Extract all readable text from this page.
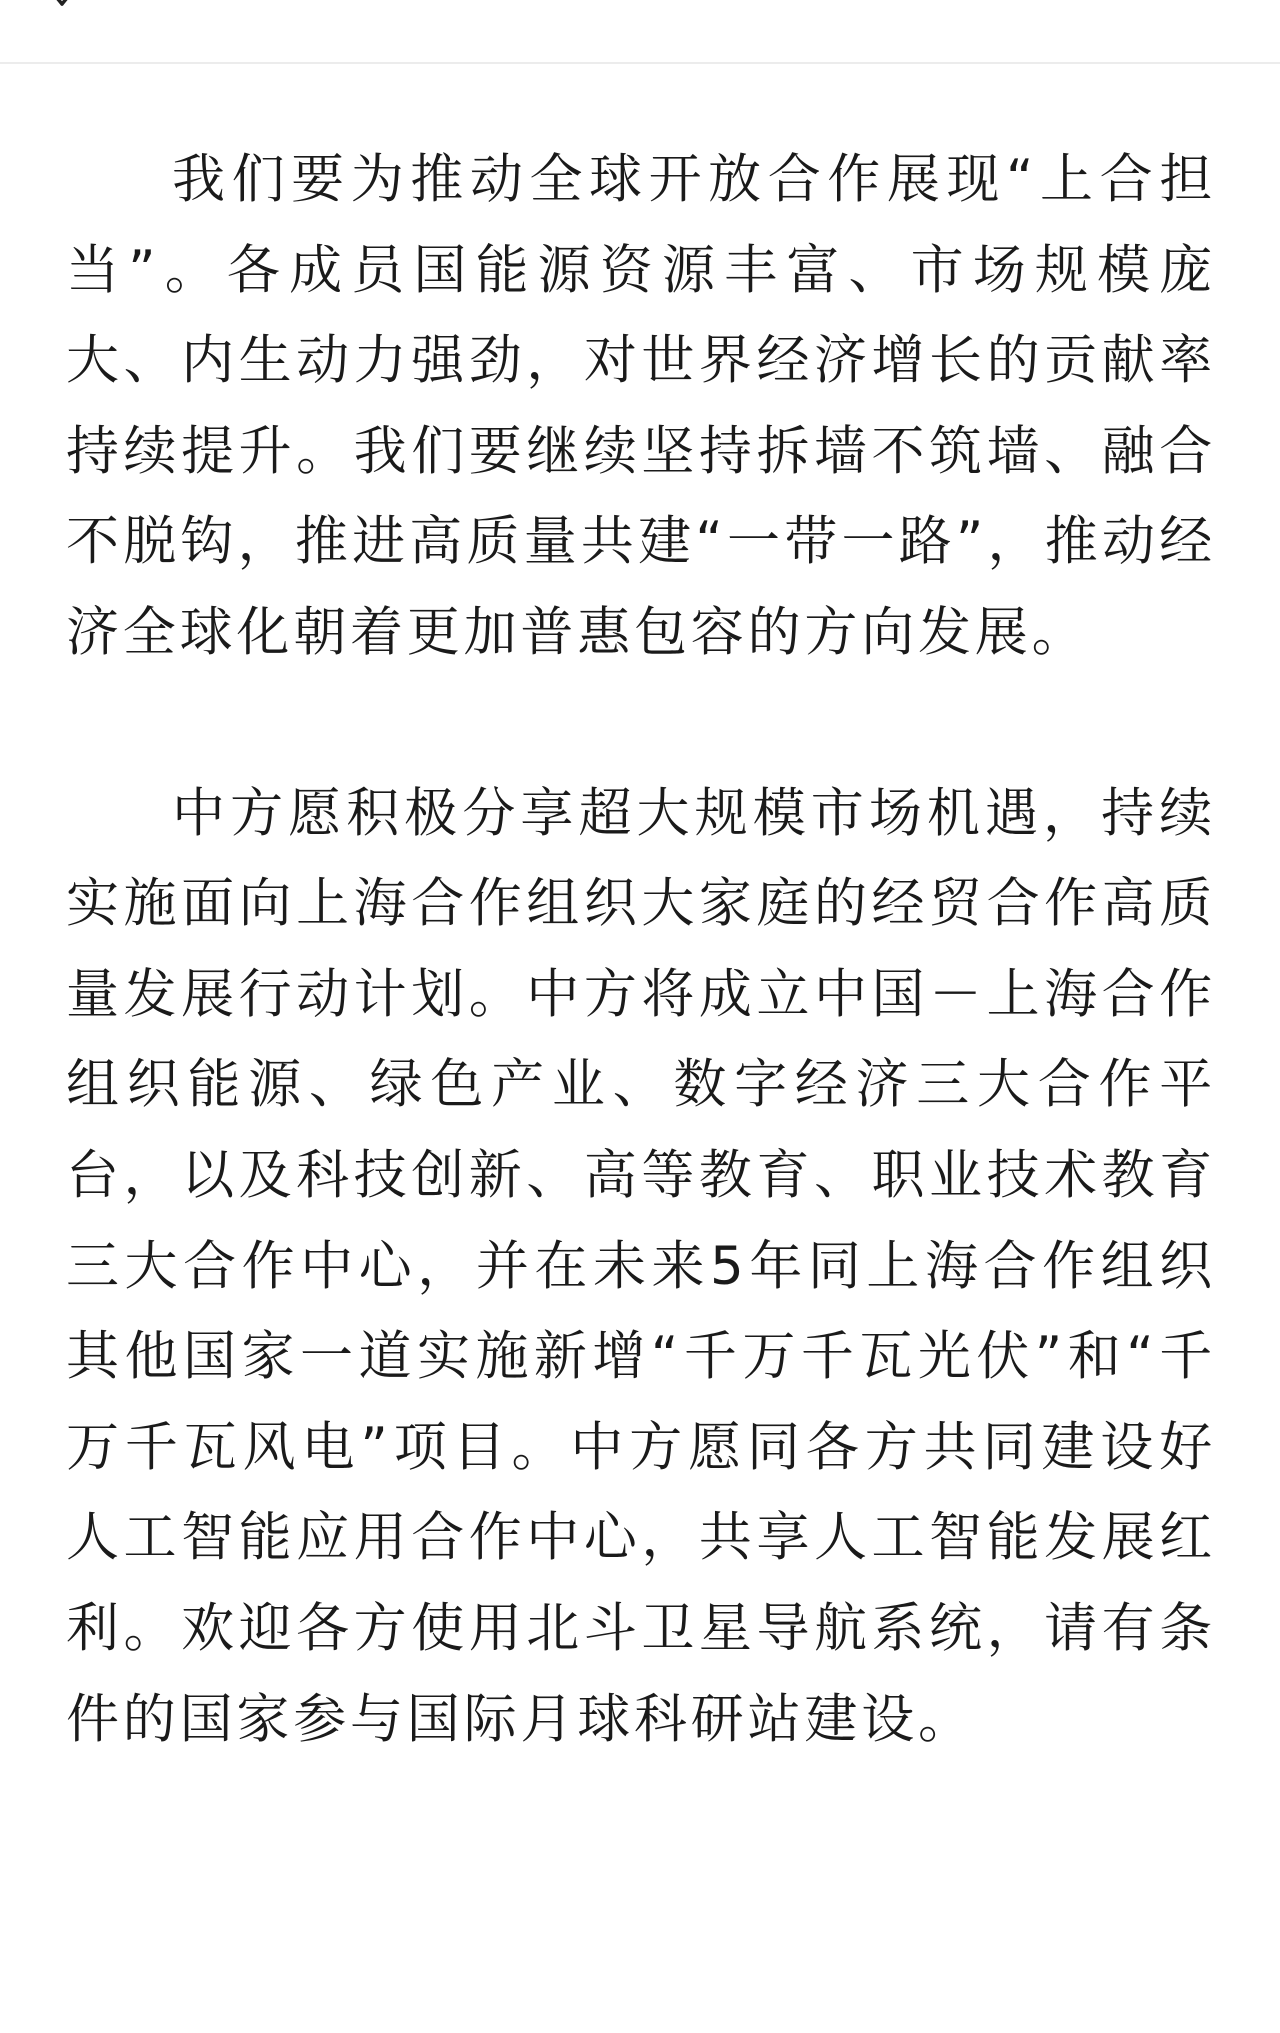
我们要为推动全球开放合作展现“上合担当”。各成员国能源资源丰富、市场规模庞大、内生动力强劲，对世界经济增长的贡献率持续提升。我们要继续坚持拆墙不筑墙、融合不脱钩，推进高质量共建“一带一路”，推动经济全球化朝着更加普惠包容的方向发展。

中方愿积极分享超大规模市场机遇，持续实施面向上海合作组织大家庭的经贸合作高质量发展行动计划。中方将成立中国－上海合作组织能源、绿色产业、数字经济三大合作平台，以及科技创新、高等教育、职业技术教育三大合作中心，并在未来5年同上海合作组织其他国家一道实施新增“千万千瓦光伏”和“千万千瓦风电”项目。中方愿同各方共同建设好人工智能应用合作中心，共享人工智能发展红利。欢迎各方使用北斗卫星导航系统，请有条件的国家参与国际月球科研站建设。
